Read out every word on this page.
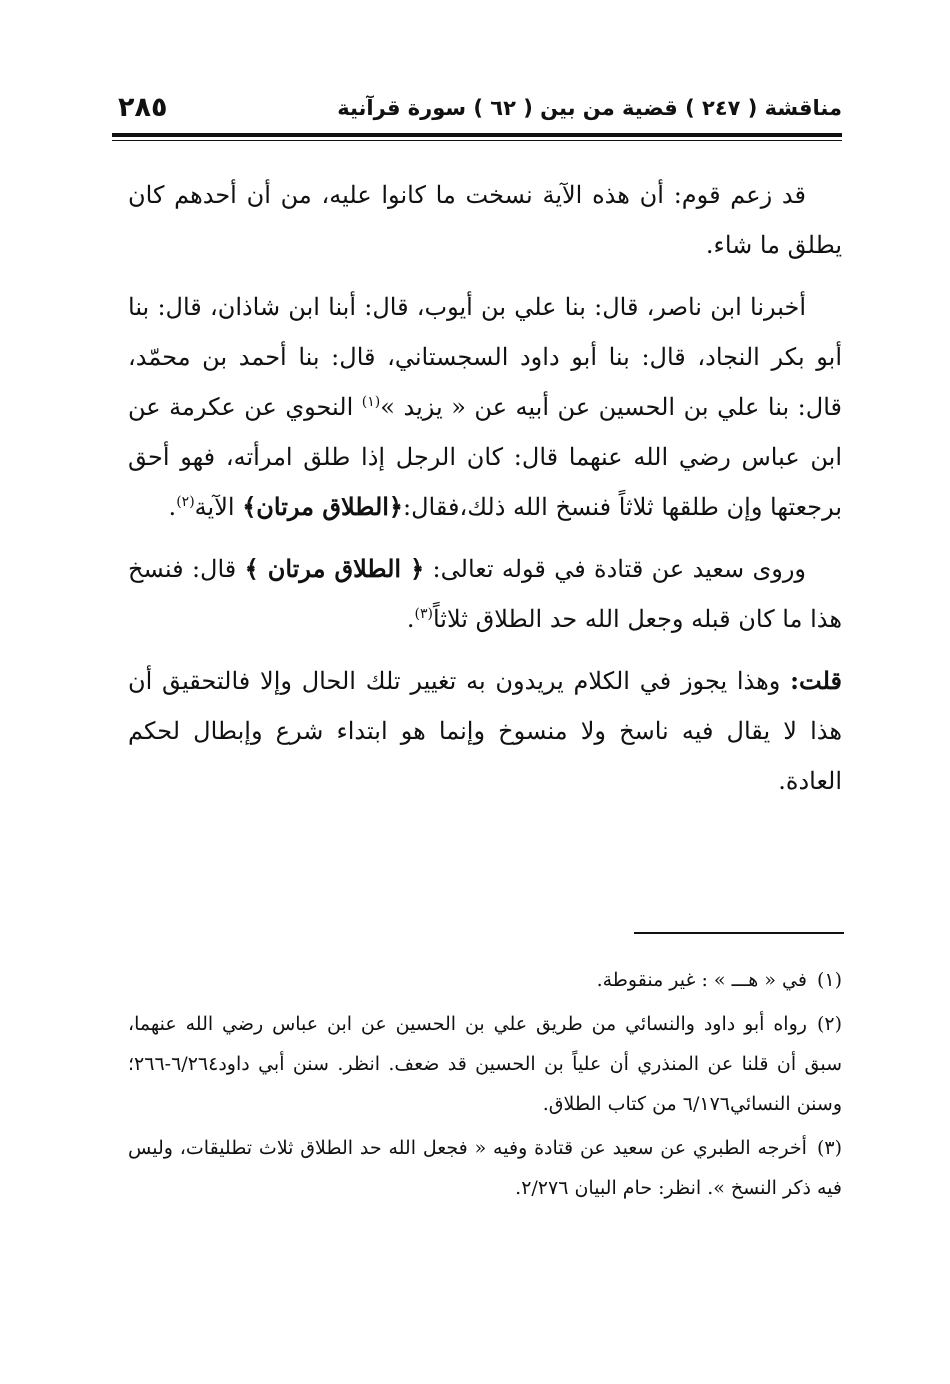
مناقشة ( ٢٤٧ ) قضية من بين ( ٦٢ ) سورة قرآنية
٢٨٥

قد زعم قوم: أن هذه الآية نسخت ما كانوا عليه، من أن أحدهم كان يطلق ما شاء.

أخبرنا ابن ناصر، قال: بنا علي بن أيوب، قال: أبنا ابن شاذان، قال: بنا أبو بكر النجاد، قال: بنا أبو داود السجستاني، قال: بنا أحمد بن محمّد، قال: بنا علي بن الحسين عن أبيه عن « يزيد »$^{(١)}$ النحوي عن عكرمة عن ابن عباس رضي الله عنهما قال: كان الرجل إذا طلق امرأته، فهو أحق برجعتها وإن طلقها ثلاثاً فنسخ الله ذلك،فقال:﴿الطلاق مرتان﴾ الآية$^{(٢)}$.

وروى سعيد عن قتادة في قوله تعالى: ﴿ الطلاق مرتان ﴾ قال: فنسخ هذا ما كان قبله وجعل الله حد الطلاق ثلاثاً$^{(٣)}$.

قلت: وهذا يجوز في الكلام يريدون به تغيير تلك الحال وإلا فالتحقيق أن هذا لا يقال فيه ناسخ ولا منسوخ وإنما هو ابتداء شرع وإبطال لحكم العادة.

(١)في « هـــ » : غير منقوطة.

(٢)رواه أبو داود والنسائي من طريق علي بن الحسين عن ابن عباس رضي الله عنهما، سبق أن قلنا عن المنذري أن علياً بن الحسين قد ضعف. انظر. سنن أبي داود٦/٢٦٤-٢٦٦؛ وسنن النسائي٦/١٧٦ من كتاب الطلاق.

(٣)أخرجه الطبري عن سعيد عن قتادة وفيه « فجعل الله حد الطلاق ثلاث تطليقات، وليس فيه ذكر النسخ ». انظر: حام البيان ٢/٢٧٦.
